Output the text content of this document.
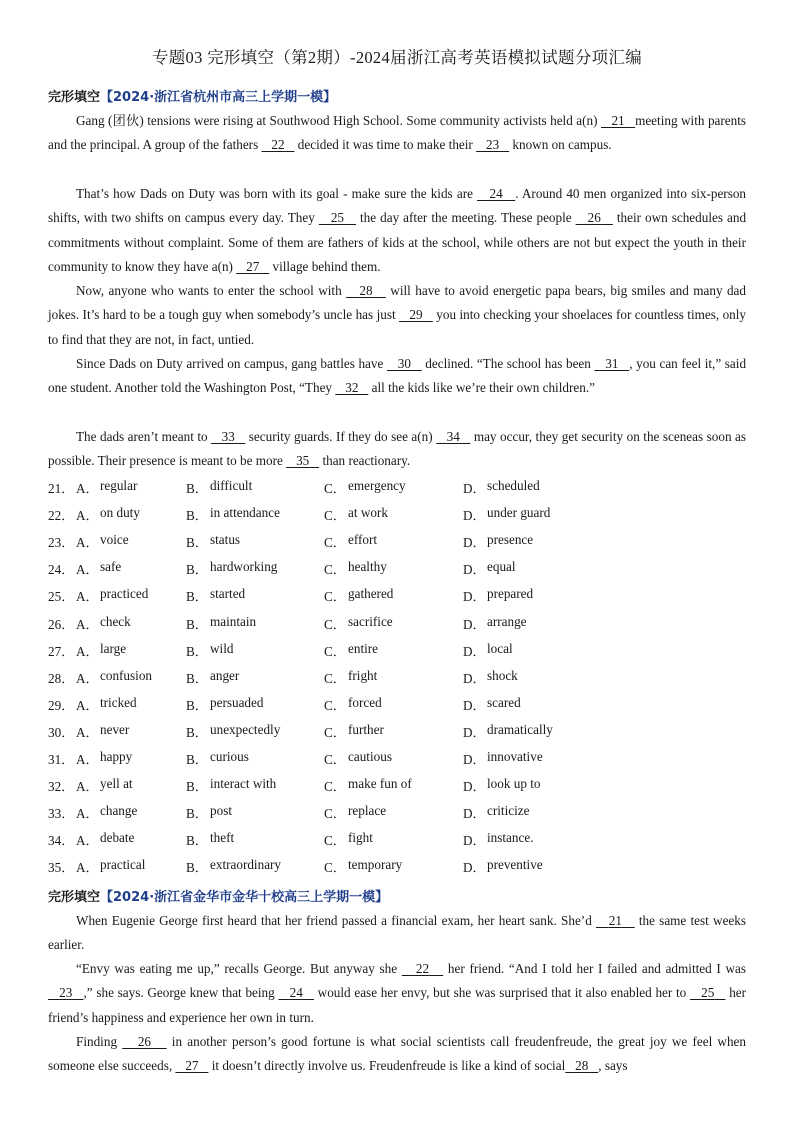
专题03 完形填空（第2期）-2024届浙江高考英语模拟试题分项汇编
完形填空【2024·浙江省杭州市高三上学期一模】

Gang (团伙) tensions were rising at Southwood High School. Some community activists held a(n)    21 meeting with parents and the principal. A group of the fathers    22    decided it was time to make their    23    known on campus.

That’s how Dads on Duty was born with its goal - make sure the kids are    24 . Around 40 men organized into six-person shifts, with two shifts on campus every day. They    25    the day after the meeting. These people    26    their own schedules and commitments without complaint. Some of them are fathers of kids at the school, while others are not but expect the youth in their community to know they have a(n)    27    village behind them.

Now, anyone who wants to enter the school with    28    will have to avoid energetic papa bears, big smiles and many dad jokes. It’s hard to be a tough guy when somebody’s uncle has just    29    you into checking your shoelaces for countless times, only to find that they are not, in fact, untied.

Since Dads on Duty arrived on campus, gang battles have    30    declined. “The school has been    31 , you can feel it,” said one student. Another told the Washington Post, “They    32    all the kids like we’re their own children.”

The dads aren’t meant to    33    security guards. If they do see a(n)    34    may occur, they get security on the sceneas soon as possible. Their presence is meant to be more    35    than reactionary.

21． A． regular	B． difficult	C． emergency	D． scheduled
22． A． on duty	B． in attendance	C． at work	D． under guard
23． A． voice	B． status	C． effort	D． presence
24． A． safe	B． hardworking	C． healthy	D． equal
25． A． practiced	B． started	C． gathered	D． prepared
26． A． check	B． maintain	C． sacrifice	D． arrange
27． A． large	B． wild	C． entire	D． local
28． A． confusion	B． anger	C． fright	D． shock
29． A． tricked	B． persuaded	C． forced	D． scared
30． A． never	B． unexpectedly	C． further	D． dramatically
31． A． happy	B． curious	C． cautious	D． innovative
32． A． yell at	B． interact with	C． make fun of	D． look up to
33． A． change	B． post	C． replace	D． criticize
34． A． debate	B． theft	C． fight	D． instance.
35． A． practical	B． extraordinary	C． temporary	D． preventive
完形填空【2024·浙江省金华市金华十校高三上学期一模】

When Eugenie George first heard that her friend passed a financial exam, her heart sank. She’d    21    the same test weeks earlier.

“Envy was eating me up,” recalls George. But anyway she    22    her friend. “And I told her I failed and admitted I was    23 ,” she says. George knew that being    24    would ease her envy, but she was surprised that it also enabled her to    25    her friend’s happiness and experience her own in turn.

Finding    26    in another person’s good fortune is what social scientists call freudenfreude, the great joy we feel when someone else succeeds,    27    it doesn’t directly involve us. Freudenfreude is like a kind of social 28 , says
